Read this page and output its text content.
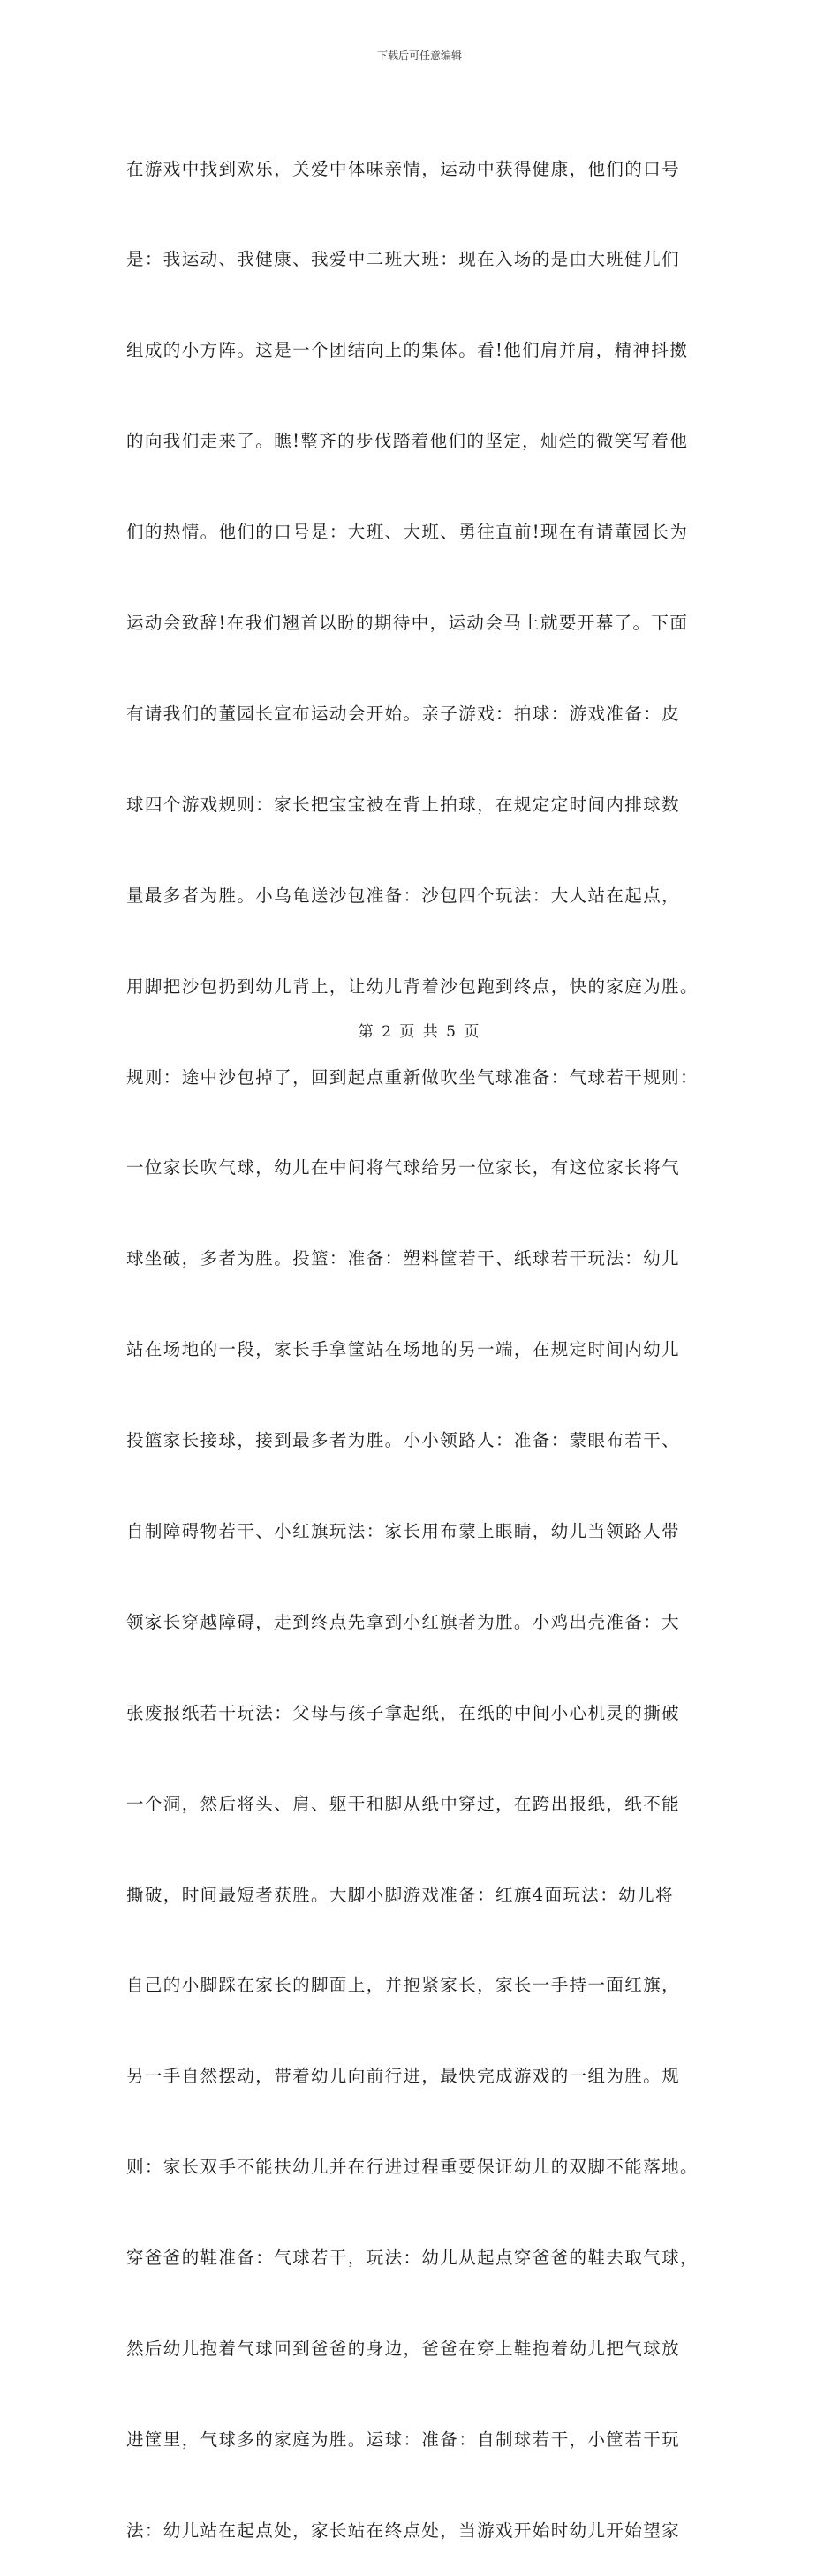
下载后可任意编辑

在游戏中找到欢乐，关爱中体味亲情，运动中获得健康，他们的口号

是：我运动、我健康、我爱中二班大班：现在入场的是由大班健儿们

组成的小方阵。这是一个团结向上的集体。看!他们肩并肩，精神抖擞

的向我们走来了。瞧!整齐的步伐踏着他们的坚定，灿烂的微笑写着他

们的热情。他们的口号是：大班、大班、勇往直前!现在有请董园长为

运动会致辞!在我们翘首以盼的期待中，运动会马上就要开幕了。下面

有请我们的董园长宣布运动会开始。亲子游戏：拍球：游戏准备：皮

球四个游戏规则：家长把宝宝被在背上拍球，在规定定时间内排球数

量最多者为胜。小乌龟送沙包准备：沙包四个玩法：大人站在起点，

用脚把沙包扔到幼儿背上，让幼儿背着沙包跑到终点，快的家庭为胜。

规则：途中沙包掉了，回到起点重新做吹坐气球准备：气球若干规则：

一位家长吹气球，幼儿在中间将气球给另一位家长，有这位家长将气

球坐破，多者为胜。投篮：准备：塑料筐若干、纸球若干玩法：幼儿

站在场地的一段，家长手拿筐站在场地的另一端，在规定时间内幼儿

投篮家长接球，接到最多者为胜。小小领路人：准备：蒙眼布若干、

自制障碍物若干、小红旗玩法：家长用布蒙上眼睛，幼儿当领路人带

领家长穿越障碍，走到终点先拿到小红旗者为胜。小鸡出壳准备：大

张废报纸若干玩法：父母与孩子拿起纸，在纸的中间小心机灵的撕破

一个洞，然后将头、肩、躯干和脚从纸中穿过，在跨出报纸，纸不能

撕破，时间最短者获胜。大脚小脚游戏准备：红旗4面玩法：幼儿将

自己的小脚踩在家长的脚面上，并抱紧家长，家长一手持一面红旗，

另一手自然摆动，带着幼儿向前行进，最快完成游戏的一组为胜。规

则：家长双手不能扶幼儿并在行进过程重要保证幼儿的双脚不能落地。

穿爸爸的鞋准备：气球若干，玩法：幼儿从起点穿爸爸的鞋去取气球，

然后幼儿抱着气球回到爸爸的身边，爸爸在穿上鞋抱着幼儿把气球放

进筐里，气球多的家庭为胜。运球：准备：自制球若干，小筐若干玩

法：幼儿站在起点处，家长站在终点处，当游戏开始时幼儿开始望家

第 2 页 共 5 页
